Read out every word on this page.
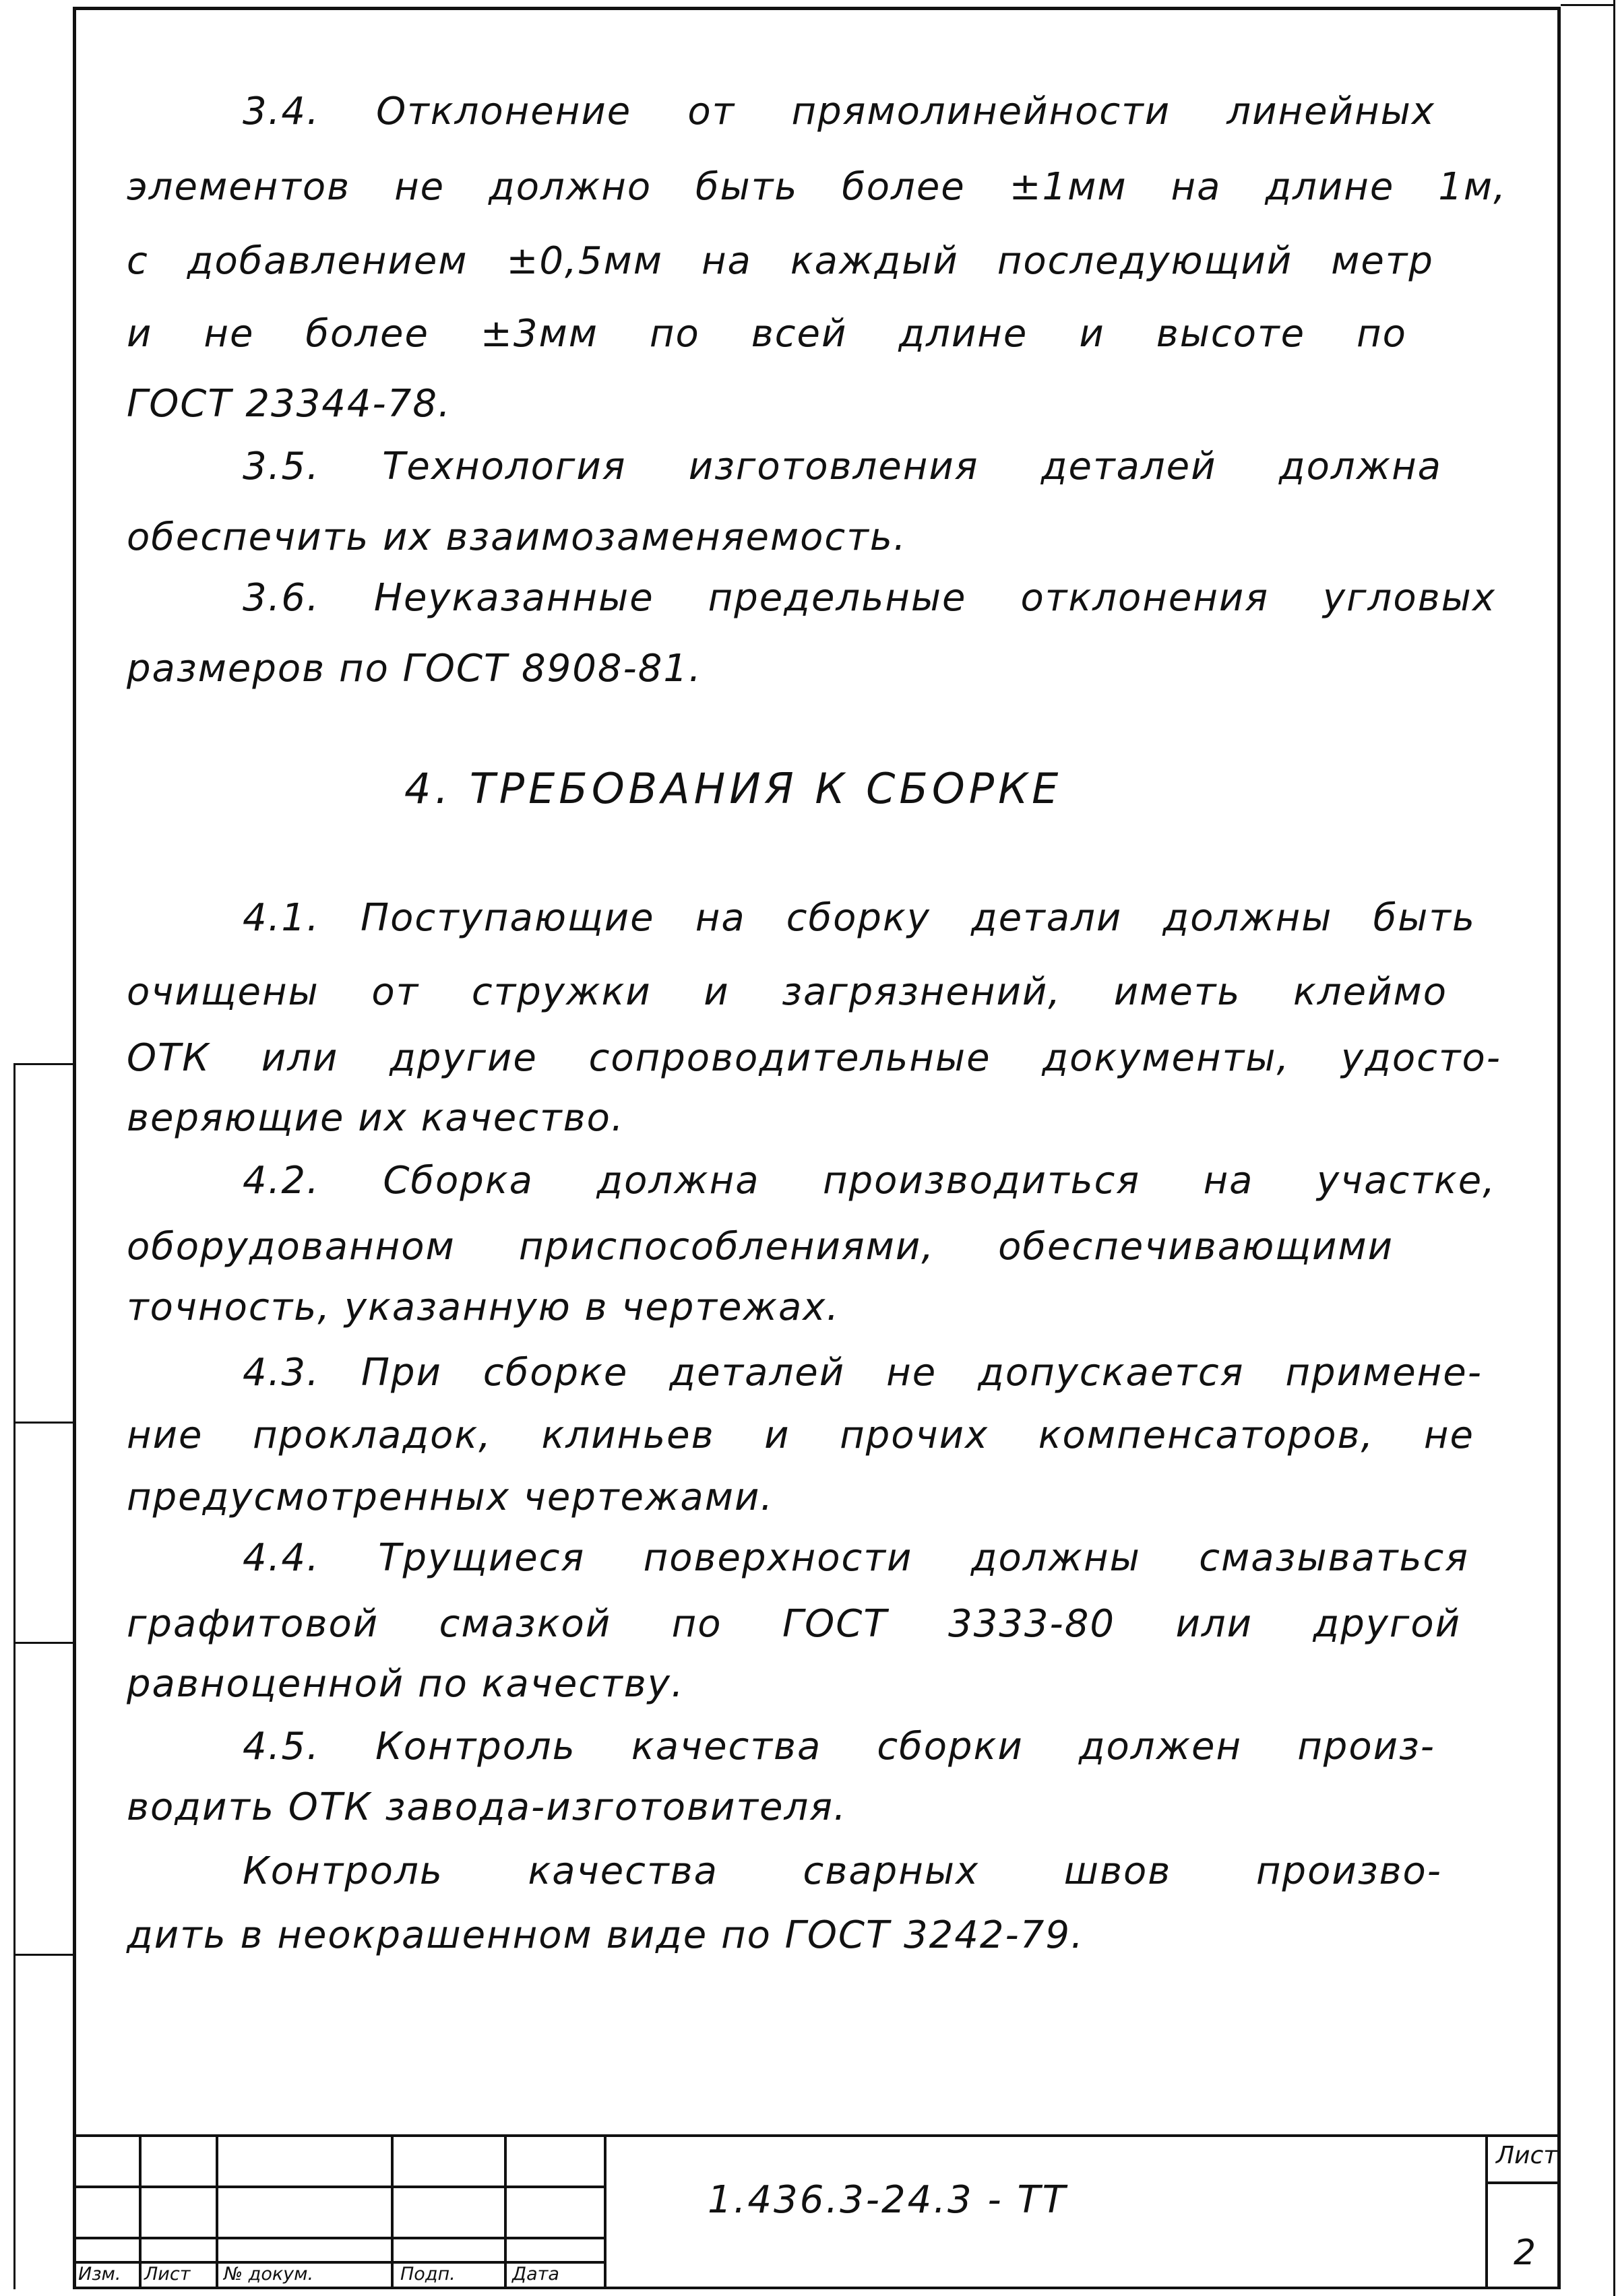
3.4. Отклонение от прямолинейности линейных
элементов не должно быть более ±1мм на длине 1м,
с добавлением ±0,5мм на каждый последующий метр
и не более ±3мм по всей длине и высоте по
ГОСТ 23344-78.
3.5. Технология изготовления деталей должна
обеспечить их взаимозаменяемость.
3.6. Неуказанные предельные отклонения угловых
размеров по ГОСТ 8908-81.
4. ТРЕБОВАНИЯ К СБОРКЕ
4.1. Поступающие на сборку детали должны быть
очищены от стружки и загрязнений, иметь клеймо
ОТК или другие сопроводительные документы, удосто-
веряющие их качество.
4.2. Сборка должна производиться на участке,
оборудованном приспособлениями, обеспечивающими
точность, указанную в чертежах.
4.3. При сборке деталей не допускается примене-
ние прокладок, клиньев и прочих компенсаторов, не
предусмотренных чертежами.
4.4. Трущиеся поверхности должны смазываться
графитовой смазкой по ГОСТ 3333-80 или другой
равноценной по качеству.
4.5. Контроль качества сборки должен произ-
водить ОТК завода-изготовителя.
Контроль качества сварных швов произво-
дить в неокрашенном виде по ГОСТ 3242-79.
Изм. Лист № докум.	Подп.	Дата
1.436.3-24.3 - ТТ
Лист
2
